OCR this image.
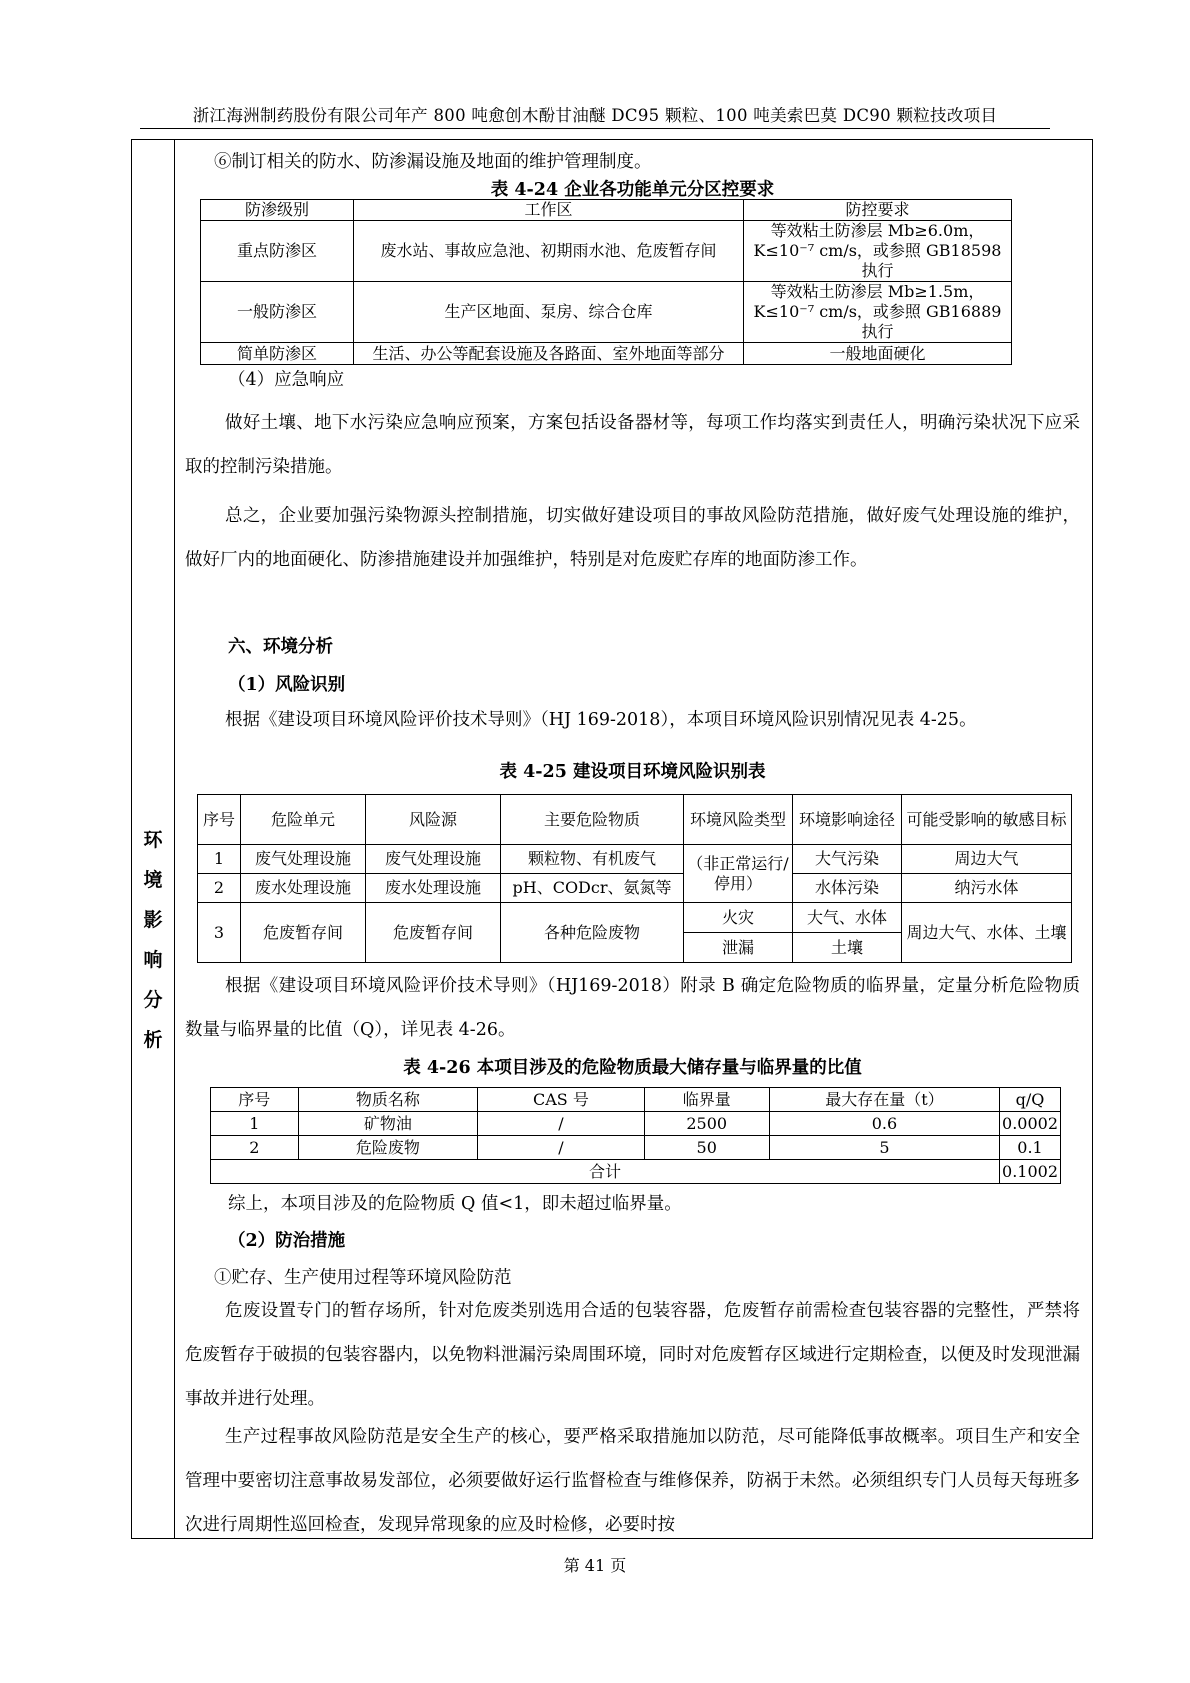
浙江海洲制药股份有限公司年产 800 吨愈创木酚甘油醚 DC95 颗粒、100 吨美索巴莫 DC90 颗粒技改项目
环
境
影
响
分
析
⑥制订相关的防水、防渗漏设施及地面的维护管理制度。
表 4-24 企业各功能单元分区控要求
防渗级别	工作区	防控要求
重点防渗区	废水站、事故应急池、初期雨水池、危废暂存间	等效粘土防渗层 Mb≥6.0m，K≤10⁻⁷ cm/s，或参照 GB18598 执行
一般防渗区	生产区地面、泵房、综合仓库	等效粘土防渗层 Mb≥1.5m，K≤10⁻⁷ cm/s，或参照 GB16889 执行
简单防渗区	生活、办公等配套设施及各路面、室外地面等部分	一般地面硬化
（4）应急响应
做好土壤、地下水污染应急响应预案，方案包括设备器材等，每项工作均落实到责任人，明确污染状况下应采取的控制污染措施。
总之，企业要加强污染物源头控制措施，切实做好建设项目的事故风险防范措施，做好废气处理设施的维护，做好厂内的地面硬化、防渗措施建设并加强维护，特别是对危废贮存库的地面防渗工作。
六、环境分析
（1）风险识别
根据《建设项目环境风险评价技术导则》（HJ 169-2018），本项目环境风险识别情况见表 4-25。
表 4-25 建设项目环境风险识别表
序号	危险单元	风险源	主要危险物质	环境风险类型	环境影响途径	可能受影响的敏感目标
1	废气处理设施	废气处理设施	颗粒物、有机废气	（非正常运行/停用）	大气污染	周边大气
2	废水处理设施	废水处理设施	pH、CODcr、氨氮等		水体污染	纳污水体
3	危废暂存间	危废暂存间	各种危险废物	火灾	大气、水体	周边大气、水体、土壤
				泄漏	土壤	
根据《建设项目环境风险评价技术导则》（HJ169-2018）附录 B 确定危险物质的临界量，定量分析危险物质数量与临界量的比值（Q），详见表 4-26。
表 4-26 本项目涉及的危险物质最大储存量与临界量的比值
序号	物质名称	CAS 号	临界量	最大存在量（t）	q/Q
1	矿物油	/	2500	0.6	0.0002
2	危险废物	/	50	5	0.1
合计					0.1002
综上，本项目涉及的危险物质 Q 值<1，即未超过临界量。
（2）防治措施
①贮存、生产使用过程等环境风险防范
危废设置专门的暂存场所，针对危废类别选用合适的包装容器，危废暂存前需检查包装容器的完整性，严禁将危废暂存于破损的包装容器内，以免物料泄漏污染周围环境，同时对危废暂存区域进行定期检查，以便及时发现泄漏事故并进行处理。
生产过程事故风险防范是安全生产的核心，要严格采取措施加以防范，尽可能降低事故概率。项目生产和安全管理中要密切注意事故易发部位，必须要做好运行监督检查与维修保养，防祸于未然。必须组织专门人员每天每班多次进行周期性巡回检查，发现异常现象的应及时检修，必要时按
第 41 页
